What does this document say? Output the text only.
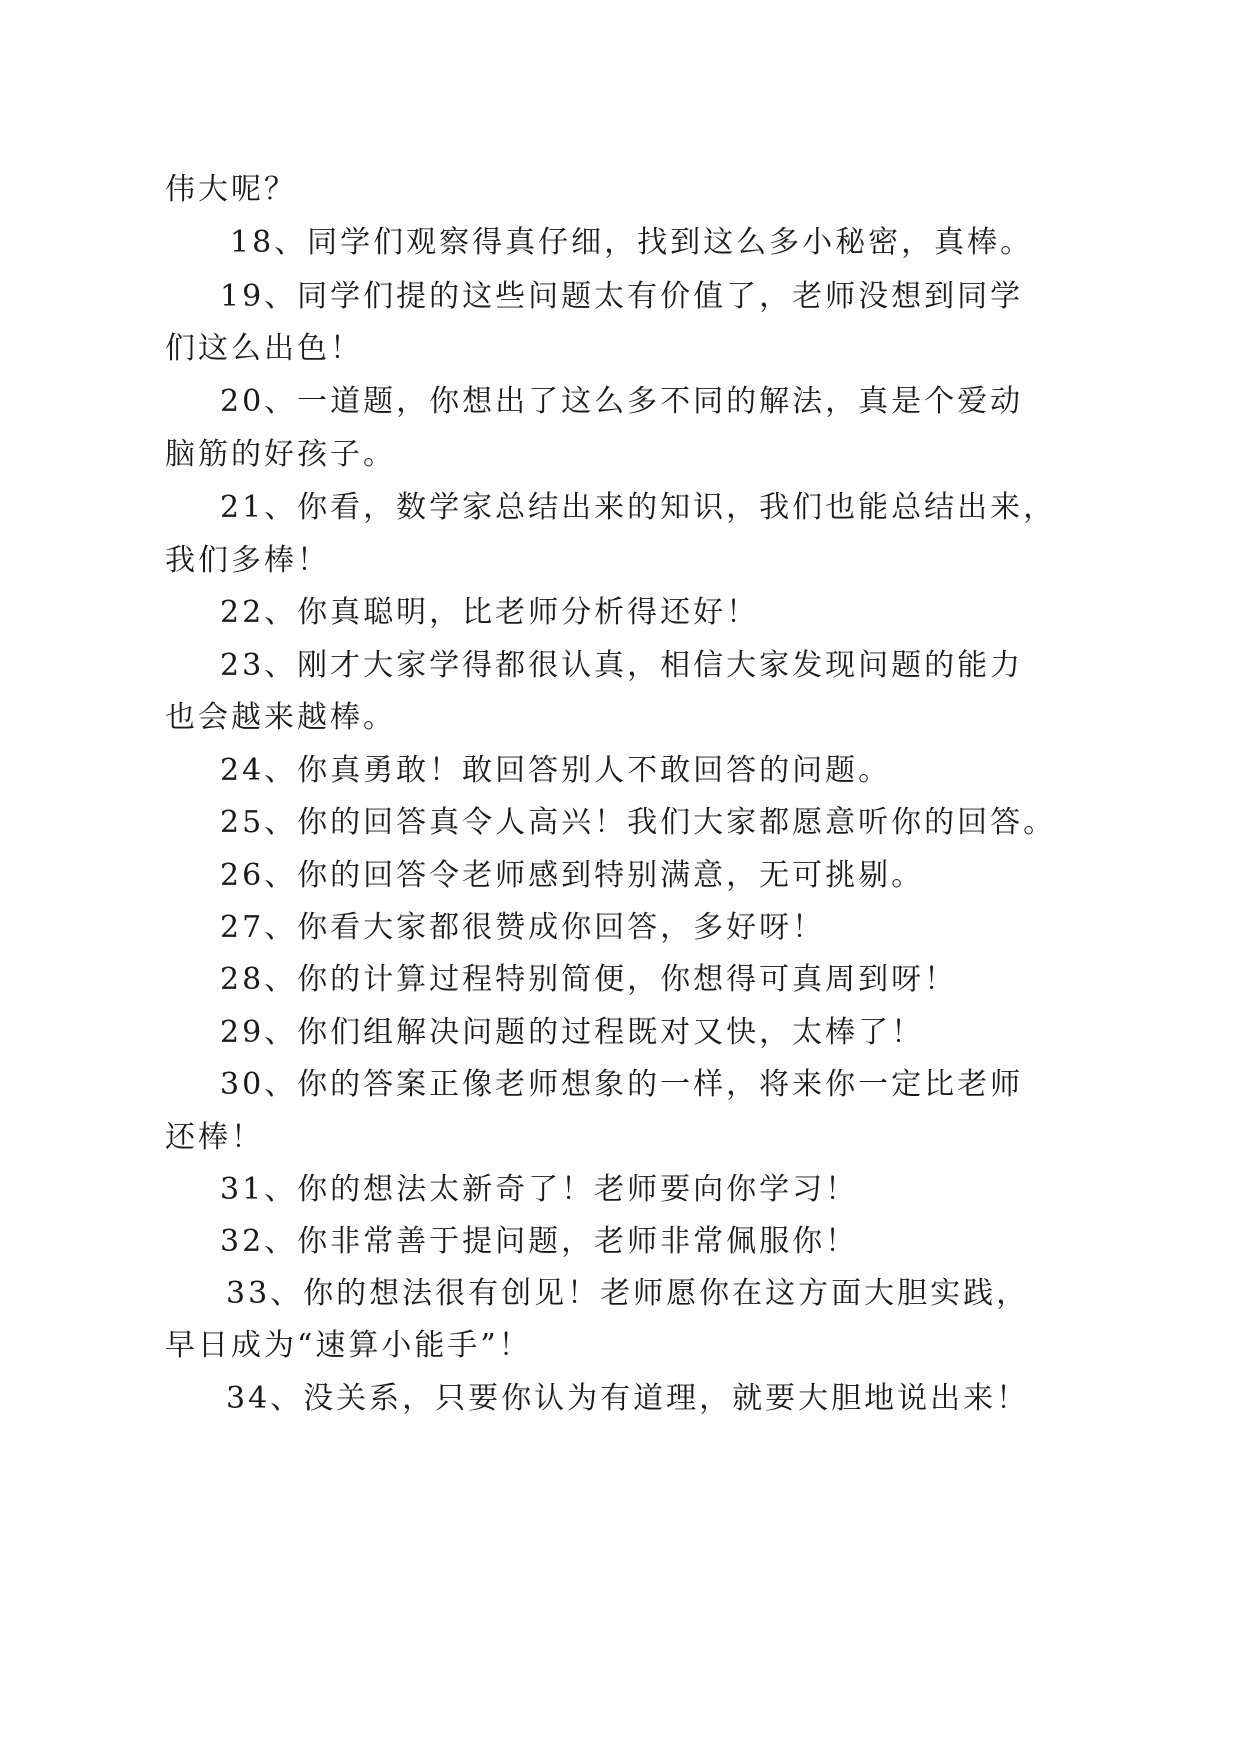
伟大呢？

18、同学们观察得真仔细，找到这么多小秘密，真棒。

19、同学们提的这些问题太有价值了，老师没想到同学

们这么出色！

20、一道题，你想出了这么多不同的解法，真是个爱动

脑筋的好孩子。

21、你看，数学家总结出来的知识，我们也能总结出来，

我们多棒！

22、你真聪明，比老师分析得还好！

23、刚才大家学得都很认真，相信大家发现问题的能力

也会越来越棒。

24、你真勇敢！敢回答别人不敢回答的问题。

25、你的回答真令人高兴！我们大家都愿意听你的回答。

26、你的回答令老师感到特别满意，无可挑剔。

27、你看大家都很赞成你回答，多好呀！

28、你的计算过程特别简便，你想得可真周到呀！

29、你们组解决问题的过程既对又快，太棒了！

30、你的答案正像老师想象的一样，将来你一定比老师

还棒！

31、你的想法太新奇了！老师要向你学习！

32、你非常善于提问题，老师非常佩服你！

33、你的想法很有创见！老师愿你在这方面大胆实践，

早日成为“速算小能手”！

34、没关系，只要你认为有道理，就要大胆地说出来！
